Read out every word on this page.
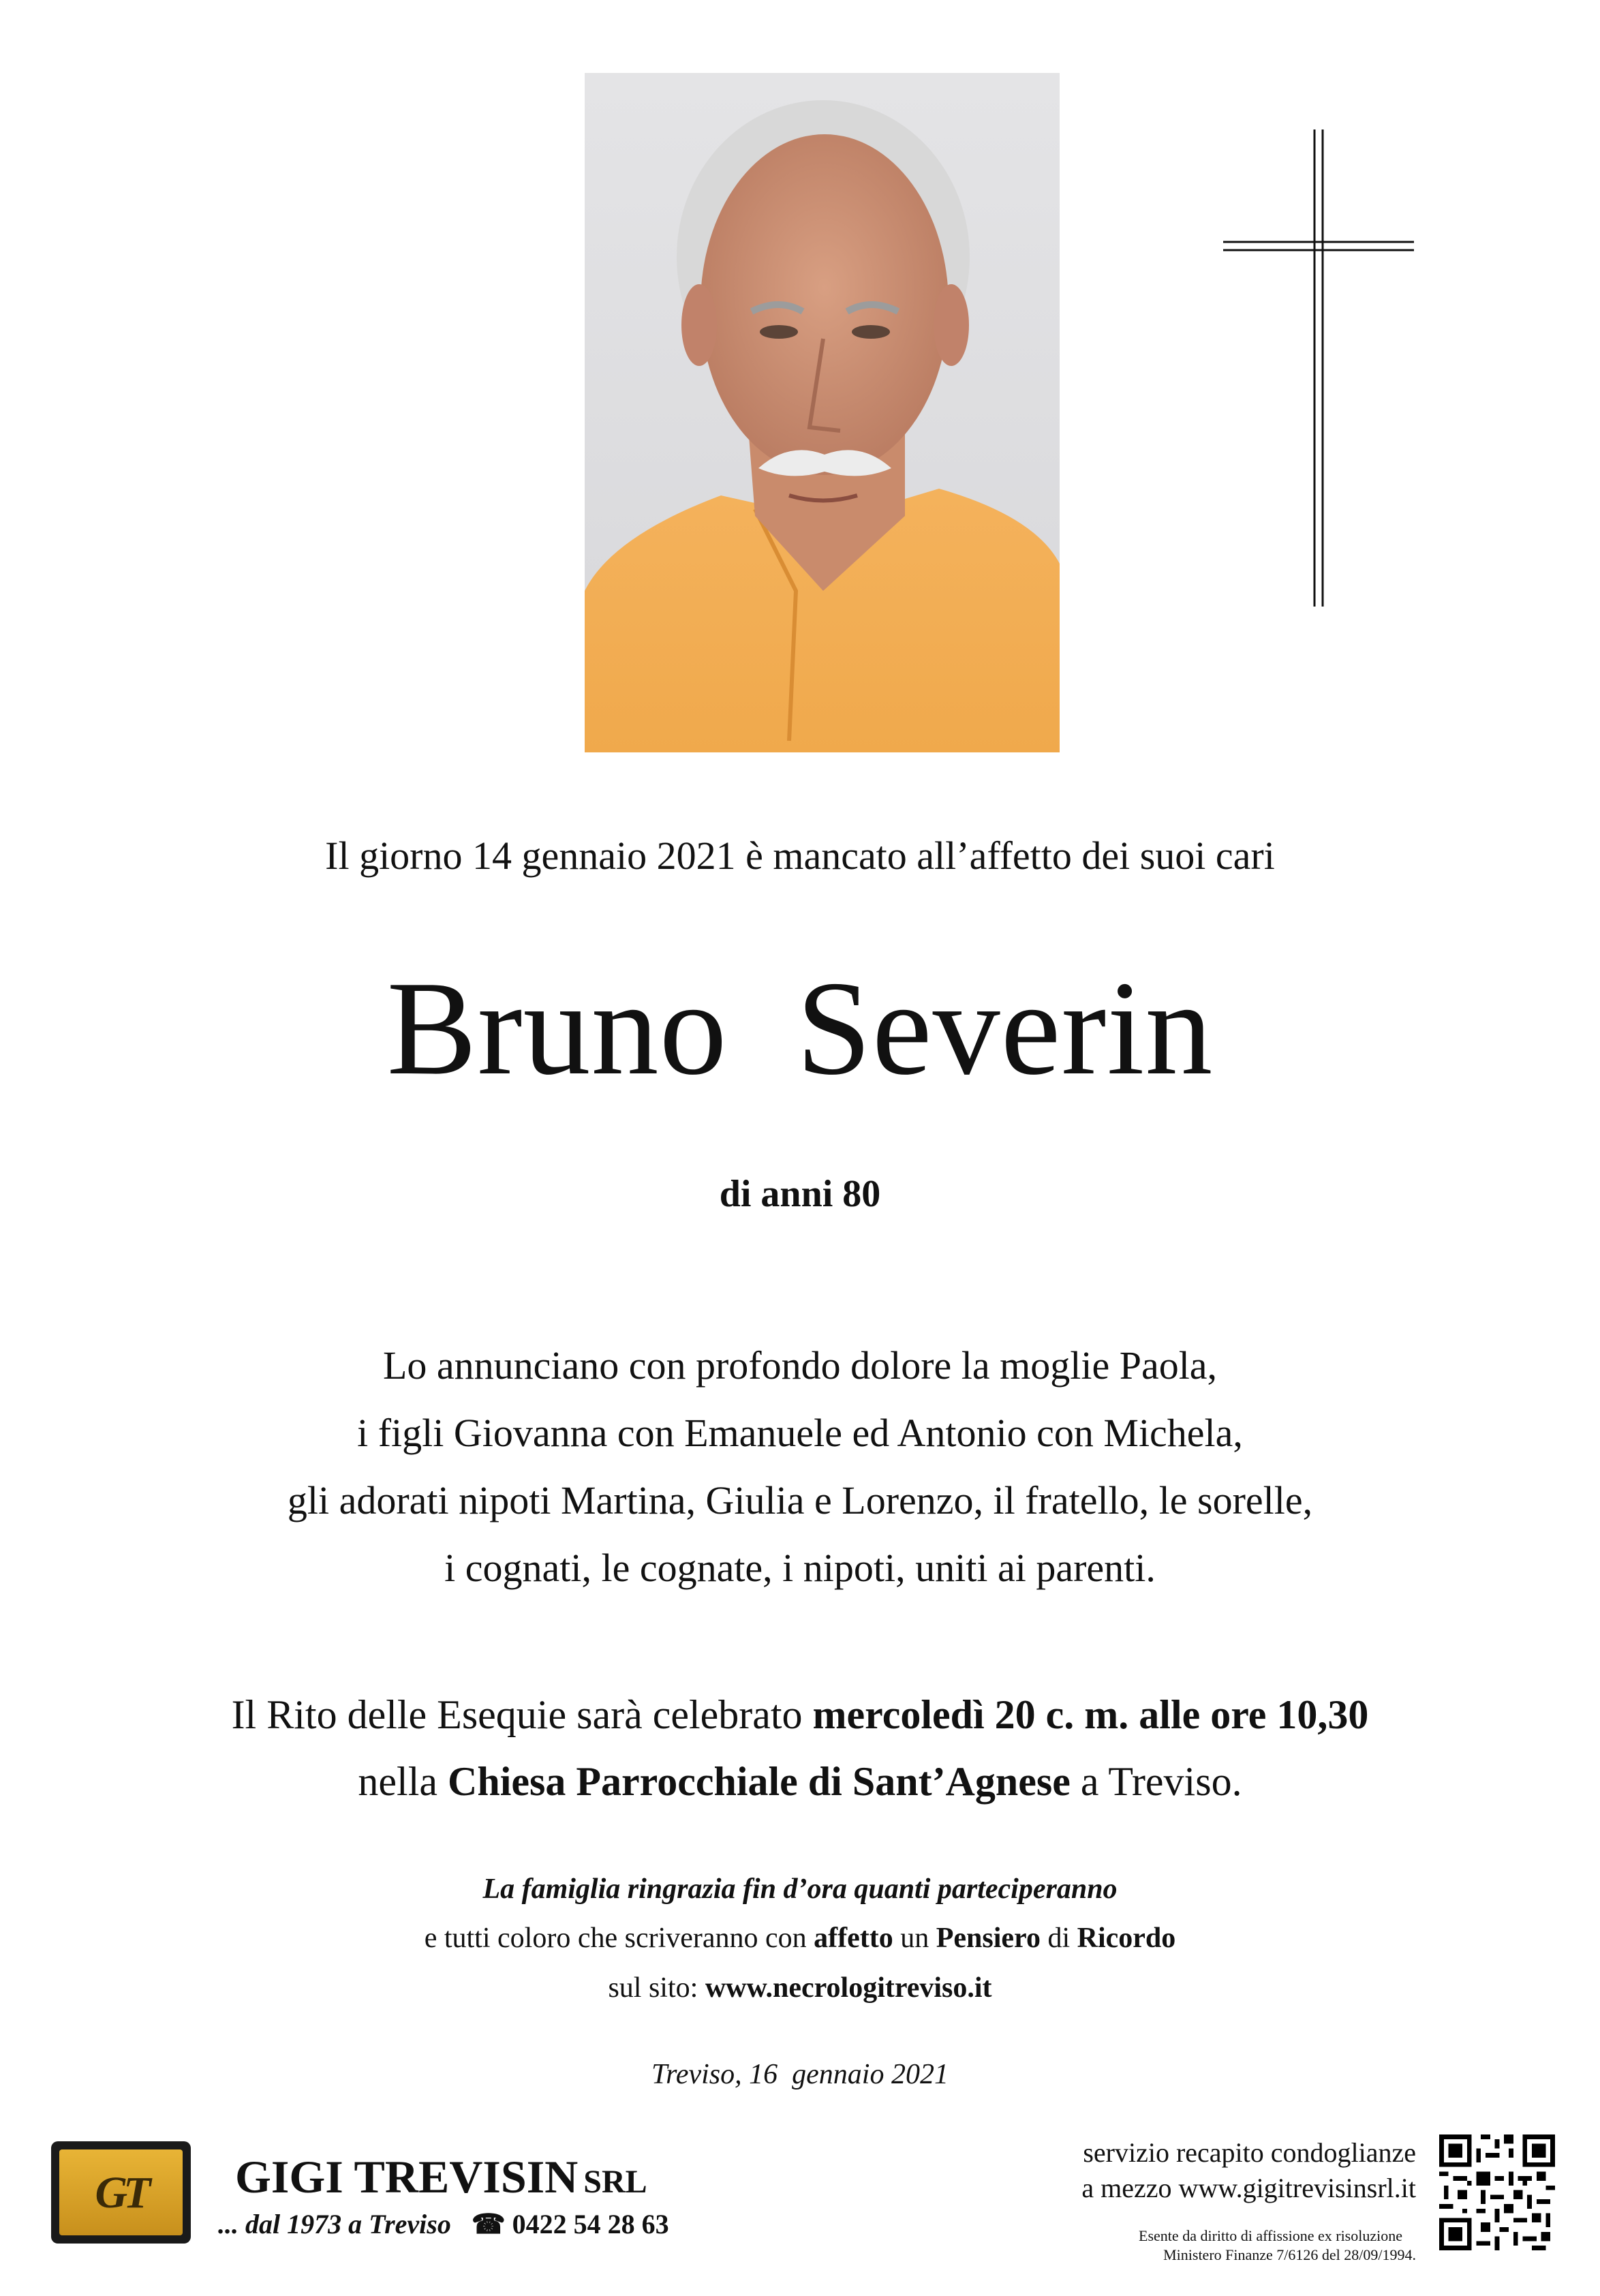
Il giorno 14 gennaio 2021 è mancato all’affetto dei suoi cari
Bruno  Severin
di anni 80
Lo annunciano con profondo dolore la moglie Paola,
i figli Giovanna con Emanuele ed Antonio con Michela,
gli adorati nipoti Martina, Giulia e Lorenzo, il fratello, le sorelle,
i cognati, le cognate, i nipoti, uniti ai parenti.
Il Rito delle Esequie sarà celebrato mercoledì 20 c. m. alle ore 10,30
nella Chiesa Parrocchiale di Sant’Agnese a Treviso.
La famiglia ringrazia fin d’ora quanti parteciperanno
e tutti coloro che scriveranno con affetto un Pensiero di Ricordo
sul sito: www.necrologitreviso.it
Treviso, 16  gennaio 2021
GT	GIGI TREVISIN SRL
... dal 1973 a Treviso ☎ 0422 54 28 63
servizio recapito condoglianze
a mezzo www.gigitrevisinsrl.it
Esente da diritto di affissione ex risoluzione
Ministero Finanze 7/6126 del 28/09/1994.
